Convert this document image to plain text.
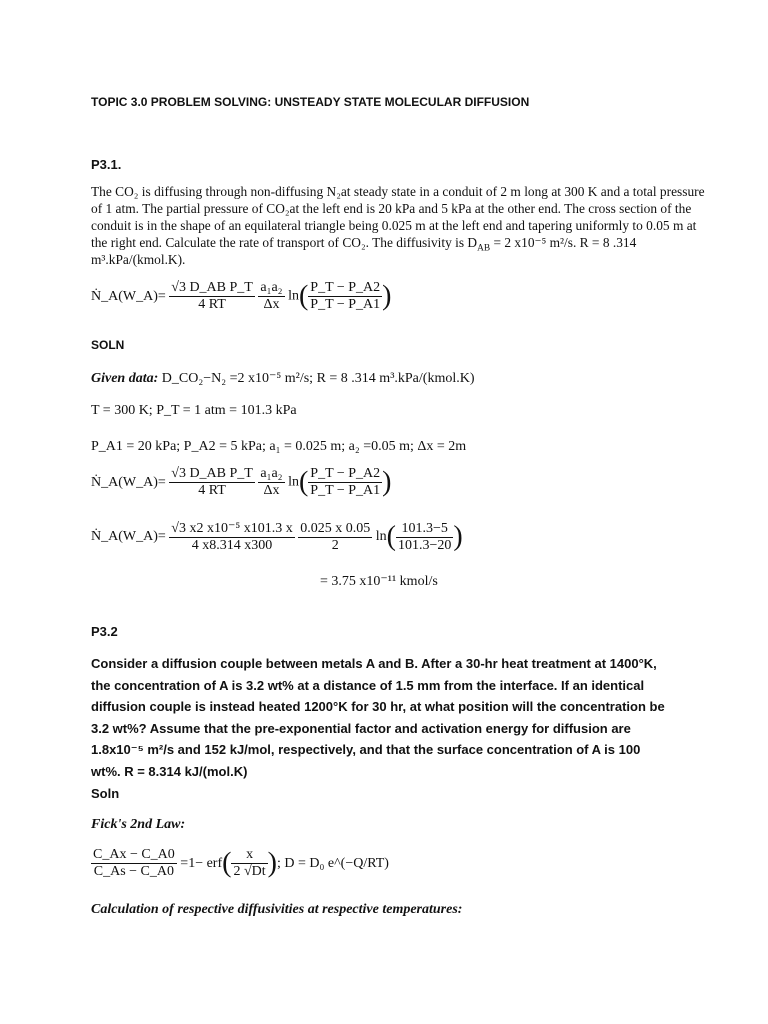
TOPIC 3.0 PROBLEM SOLVING: UNSTEADY STATE MOLECULAR DIFFUSION
P3.1.
The CO₂ is diffusing through non-diffusing N₂at steady state in a conduit of 2 m long at 300 K and a total pressure of 1 atm. The partial pressure of CO₂at the left end is 20 kPa and 5 kPa at the other end. The cross section of the conduit is in the shape of an equilateral triangle being 0.025 m at the left end and tapering uniformly to 0.05 m at the right end. Calculate the rate of transport of CO₂. The diffusivity is $D_{AB} = 2$ x10⁻⁵ m²/s. R = 8 .314 m³.kPa/(kmol.K).
Ṅ_A(W_A)= $\frac{\text{√3 D\_AB P\_T}}{4 RT}$
$\frac{\text{a₁a₂}}{\Delta x} \ln( \frac{P\_T - P\_A2}{P\_T - P\_A1}$ )
SOLN
Given data: D_CO₂−N₂ =2 x10⁻⁵ m²/s; R = 8 .314 m³.kPa/(kmol.K)
T = 300 K; P_T = 1 atm = 101.3 kPa
P_A1 = 20 kPa; P_A2 = 5 kPa; a₁ = 0.025 m; a₂ =0.05 m; Δx = 2m
Ṅ_A(W_A)= $\frac{\text{√3 D\_AB P\_T}}{4 RT}$
$\frac{\text{a₁a₂}}{\Delta x} \ln( \frac{P\_T - P\_A2}{P\_T - P\_A1}$ )
Ṅ_A(W_A)= $\frac{\text{√3 x2 x10⁻⁵ x101.3 x}}{4 x8.314 x300}$
$\frac{0.025 x 0.05}{2} \ln( \frac{101.3-5}{101.3-20}$ )
= 3.75 x10⁻¹¹ kmol/s
P3.2
Consider a diffusion couple between metals A and B. After a 30-hr heat treatment at 1400°K, the concentration of A is 3.2 wt% at a distance of 1.5 mm from the interface. If an identical diffusion couple is instead heated 1200°K for 30 hr, at what position will the concentration be 3.2 wt%? Assume that the pre-exponential factor and activation energy for diffusion are 1.8x10⁻⁵ m²/s and 152 kJ/mol, respectively, and that the surface concentration of A is 100 wt%. R = 8.314 kJ/(mol.K)
Soln
Fick's 2nd Law:
$\frac{C\_Ax - C\_A0}{C\_As - C\_A0} =1- erf( \frac{x}{2 √Dt}$ ); D = D₀ e^(−Q/RT)
Calculation of respective diffusivities at respective temperatures:
